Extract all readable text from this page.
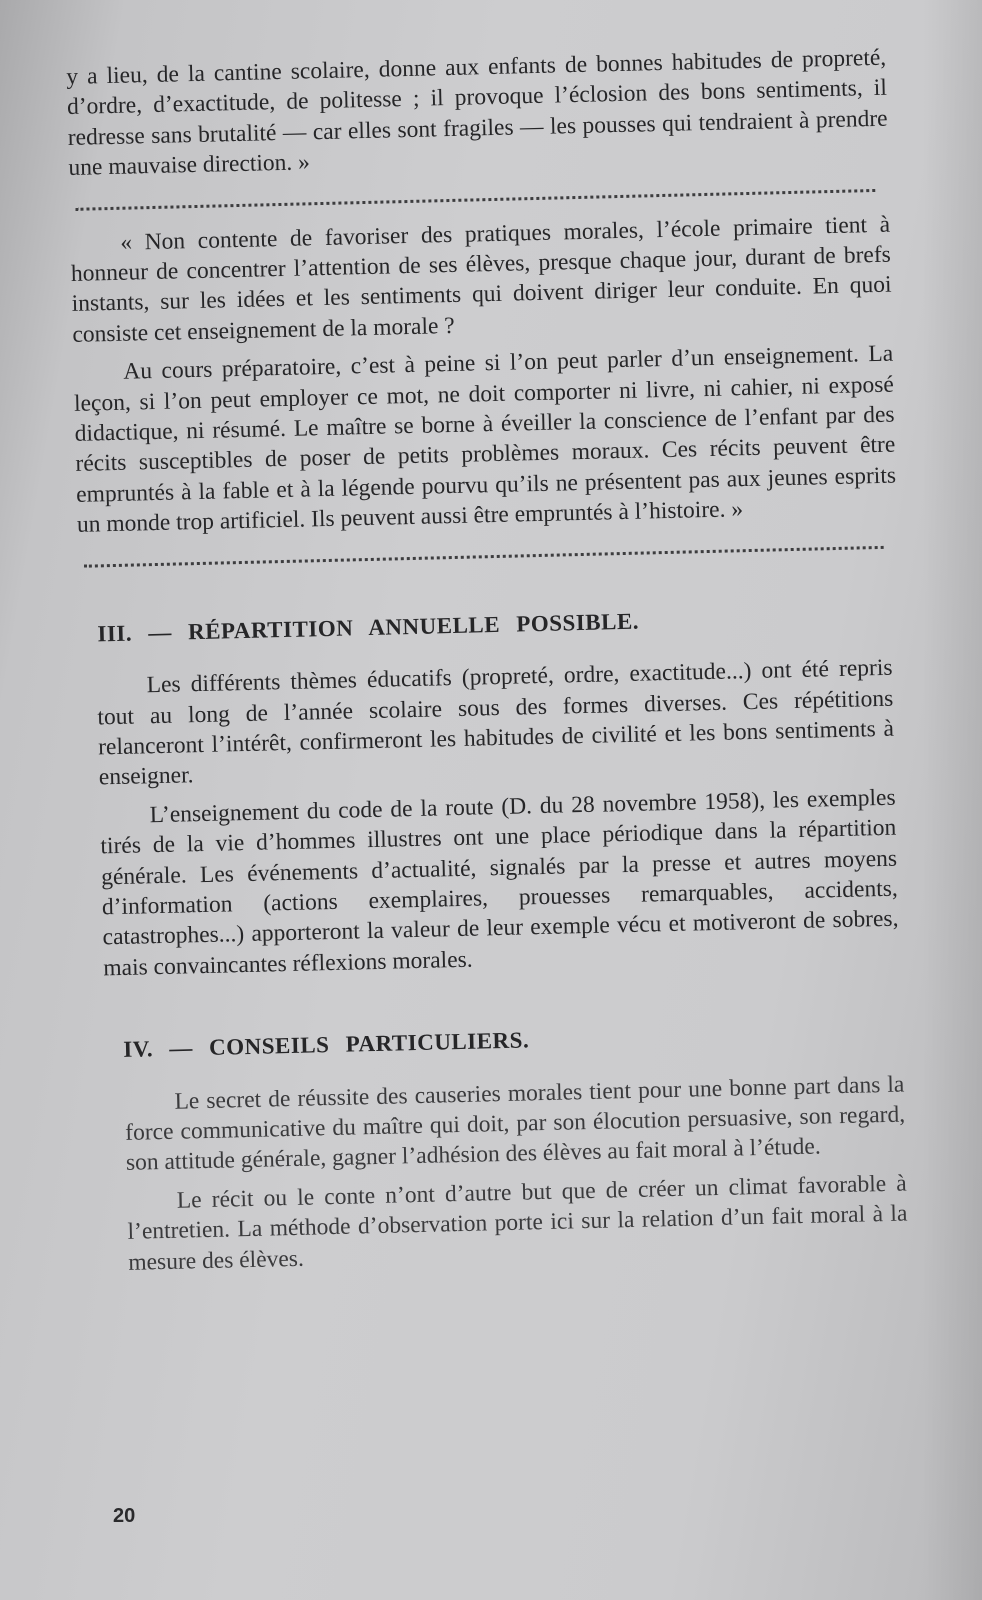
y a lieu, de la cantine scolaire, donne aux enfants de bonnes habitudes de propreté, d’ordre, d’exactitude, de politesse ; il provoque l’éclosion des bons sentiments, il redresse sans brutalité — car elles sont fragiles — les pousses qui tendraient à prendre une mauvaise direction. »

« Non contente de favoriser des pratiques morales, l’école primaire tient à honneur de concentrer l’attention de ses élèves, presque chaque jour, durant de brefs instants, sur les idées et les sentiments qui doivent diriger leur conduite. En quoi consiste cet enseignement de la morale ?

Au cours préparatoire, c’est à peine si l’on peut parler d’un enseignement. La leçon, si l’on peut employer ce mot, ne doit comporter ni livre, ni cahier, ni exposé didactique, ni résumé. Le maître se borne à éveiller la conscience de l’enfant par des récits susceptibles de poser de petits problèmes moraux. Ces récits peuvent être empruntés à la fable et à la légende pourvu qu’ils ne présentent pas aux jeunes esprits un monde trop artificiel. Ils peuvent aussi être empruntés à l’histoire. »

III. — RÉPARTITION ANNUELLE POSSIBLE.

Les différents thèmes éducatifs (propreté, ordre, exactitude...) ont été repris tout au long de l’année scolaire sous des formes diverses. Ces répétitions relanceront l’intérêt, confirmeront les habitudes de civilité et les bons sentiments à enseigner.

L’enseignement du code de la route (D. du 28 novembre 1958), les exemples tirés de la vie d’hommes illustres ont une place périodique dans la répartition générale. Les événements d’actualité, signalés par la presse et autres moyens d’information (actions exemplaires, prouesses remarquables, accidents, catastrophes...) apporteront la valeur de leur exemple vécu et motiveront de sobres, mais convaincantes réflexions morales.

IV. — CONSEILS PARTICULIERS.

Le secret de réussite des causeries morales tient pour une bonne part dans la force communicative du maître qui doit, par son élocution persuasive, son regard, son attitude générale, gagner l’adhésion des élèves au fait moral à l’étude.

Le récit ou le conte n’ont d’autre but que de créer un climat favorable à l’entretien. La méthode d’observation porte ici sur la relation d’un fait moral à la mesure des élèves.

20
